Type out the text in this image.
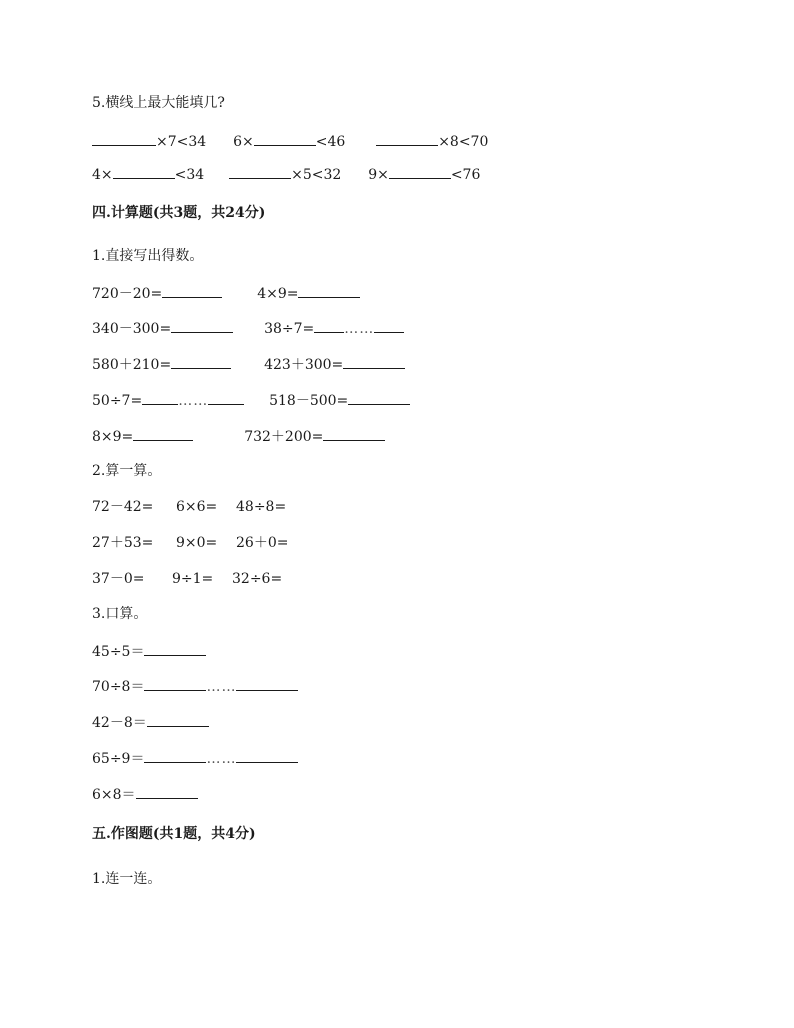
5.横线上最大能填几?
×7<34 6×	<46	×8<70
4×	<34	×5<32 9×	<76
四.计算题(共3题，共24分)
1.直接写出得数。
720－20=	4×9=
340－300=	38÷7= ……
580＋210=	423＋300=
50÷7=	……	518－500=
8×9=	732＋200=
2.算一算。
72－42= 6×6= 48÷8=
27＋53= 9×0= 26＋0=
37－0= 9÷1= 32÷6=
3.口算。
45÷5＝
70÷8＝	……
42－8＝
65÷9＝	……
6×8＝
五.作图题(共1题，共4分)
1.连一连。
